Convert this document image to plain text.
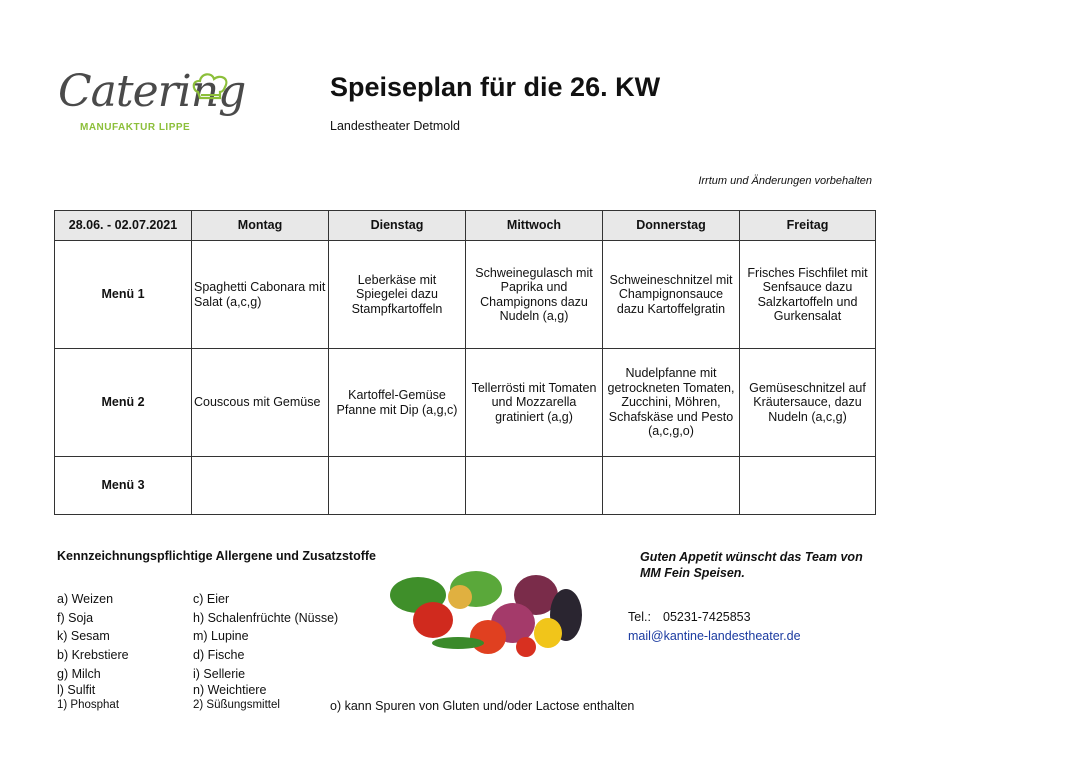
Catering
MANUFAKTUR LIPPE
Speiseplan für die 26. KW
Landestheater Detmold
Irrtum und Änderungen vorbehalten
28.06. - 02.07.2021	Montag	Dienstag	Mittwoch	Donnerstag	Freitag
Menü 1	Spaghetti Cabonara mit Salat (a,c,g)	Leberkäse mit Spiegelei dazu Stampfkartoffeln	Schweinegulasch mit Paprika und Champignons dazu Nudeln (a,g)	Schweineschnitzel mit Champignonsauce dazu Kartoffelgratin	Frisches Fischfilet mit Senfsauce dazu Salzkartoffeln und Gurkensalat
Menü 2	Couscous mit Gemüse	Kartoffel-Gemüse Pfanne mit Dip (a,g,c)	Tellerrösti mit Tomaten und Mozzarella gratiniert (a,g)	Nudelpfanne mit getrockneten Tomaten, Zucchini, Möhren, Schafskäse und Pesto (a,c,g,o)	Gemüseschnitzel auf Kräutersauce, dazu Nudeln (a,c,g)
Menü 3					
Kennzeichnungspflichtige Allergene und Zusatzstoffe
a) Weizen
f) Soja
k) Sesam
b) Krebstiere
g) Milch
l) Sulfit
1) Phosphat
c) Eier
h) Schalenfrüchte (Nüsse)
m) Lupine
d) Fische
i) Sellerie
n) Weichtiere
2) Süßungsmittel	o) kann Spuren von Gluten und/oder Lactose enthalten
Guten Appetit wünscht das Team von
MM Fein Speisen.
Tel.: 05231-7425853
mail@kantine-landestheater.de
